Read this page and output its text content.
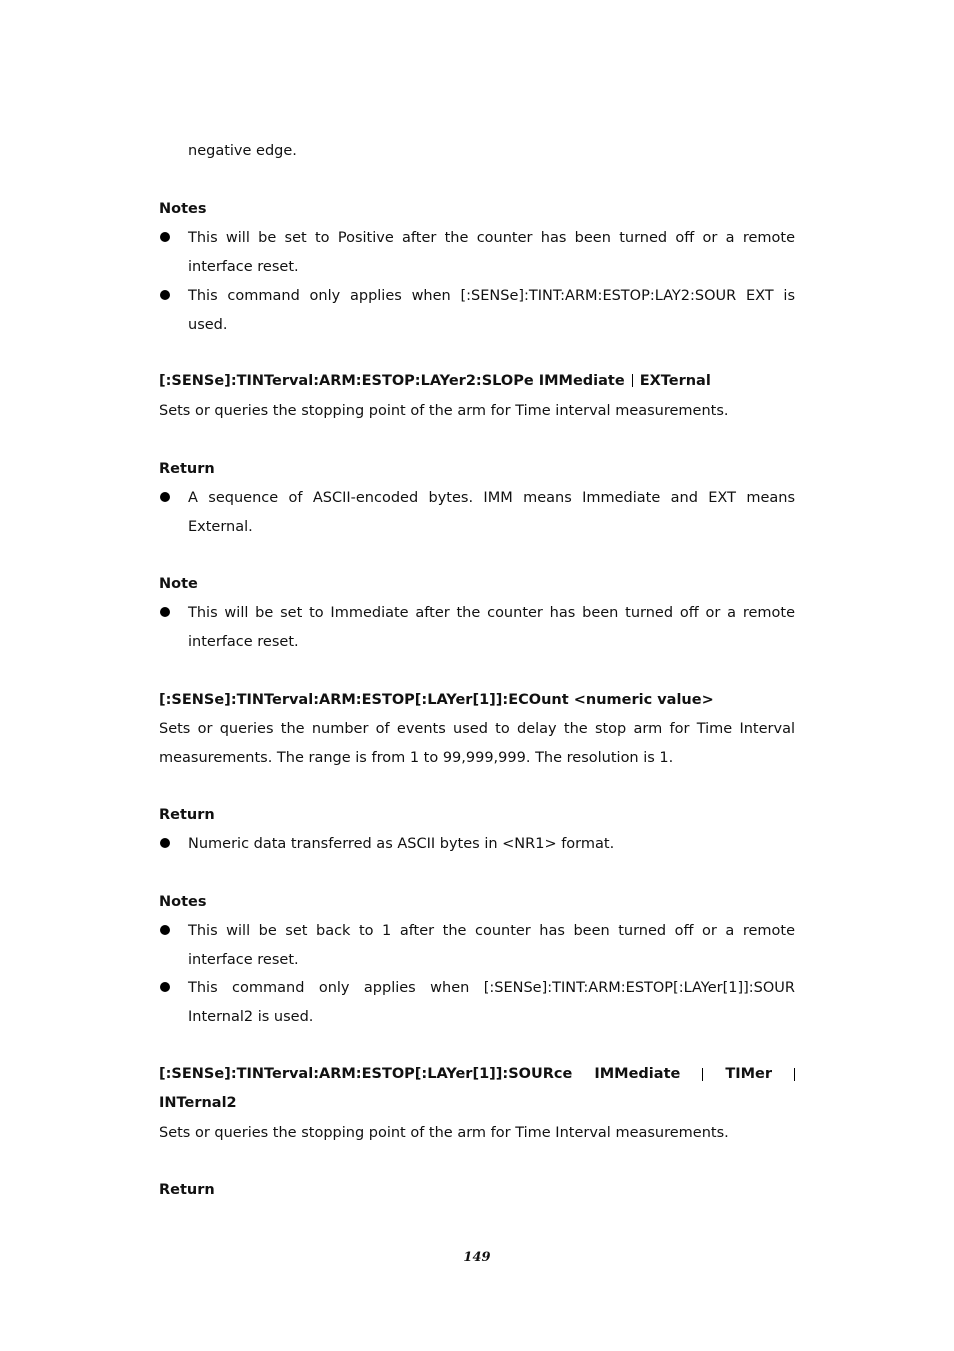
negative edge.
Notes
This will be set to Positive after the counter has been turned off or a remote interface reset.
This command only applies when [:SENSe]:TINT:ARM:ESTOP:LAY2:SOUR EXT is used.
[:SENSe]:TINTerval:ARM:ESTOP:LAYer2:SLOPe IMMediate EXTernal
Sets or queries the stopping point of the arm for Time interval measurements.
Return
A sequence of ASCII-encoded bytes. IMM means Immediate and EXT means External.
Note
This will be set to Immediate after the counter has been turned off or a remote interface reset.
[:SENSe]:TINTerval:ARM:ESTOP[:LAYer[1]]:ECOunt <numeric value>
Sets or queries the number of events used to delay the stop arm for Time Interval measurements. The range is from 1 to 99,999,999. The resolution is 1.
Return
Numeric data transferred as ASCII bytes in <NR1> format.
Notes
This will be set back to 1 after the counter has been turned off or a remote interface reset.
This command only applies when [:SENSe]:TINT:ARM:ESTOP[:LAYer[1]]:SOUR Internal2 is used.
[:SENSe]:TINTerval:ARM:ESTOP[:LAYer[1]]:SOURce IMMediate	TIMer
INTernal2
Sets or queries the stopping point of the arm for Time Interval measurements.
Return
149
